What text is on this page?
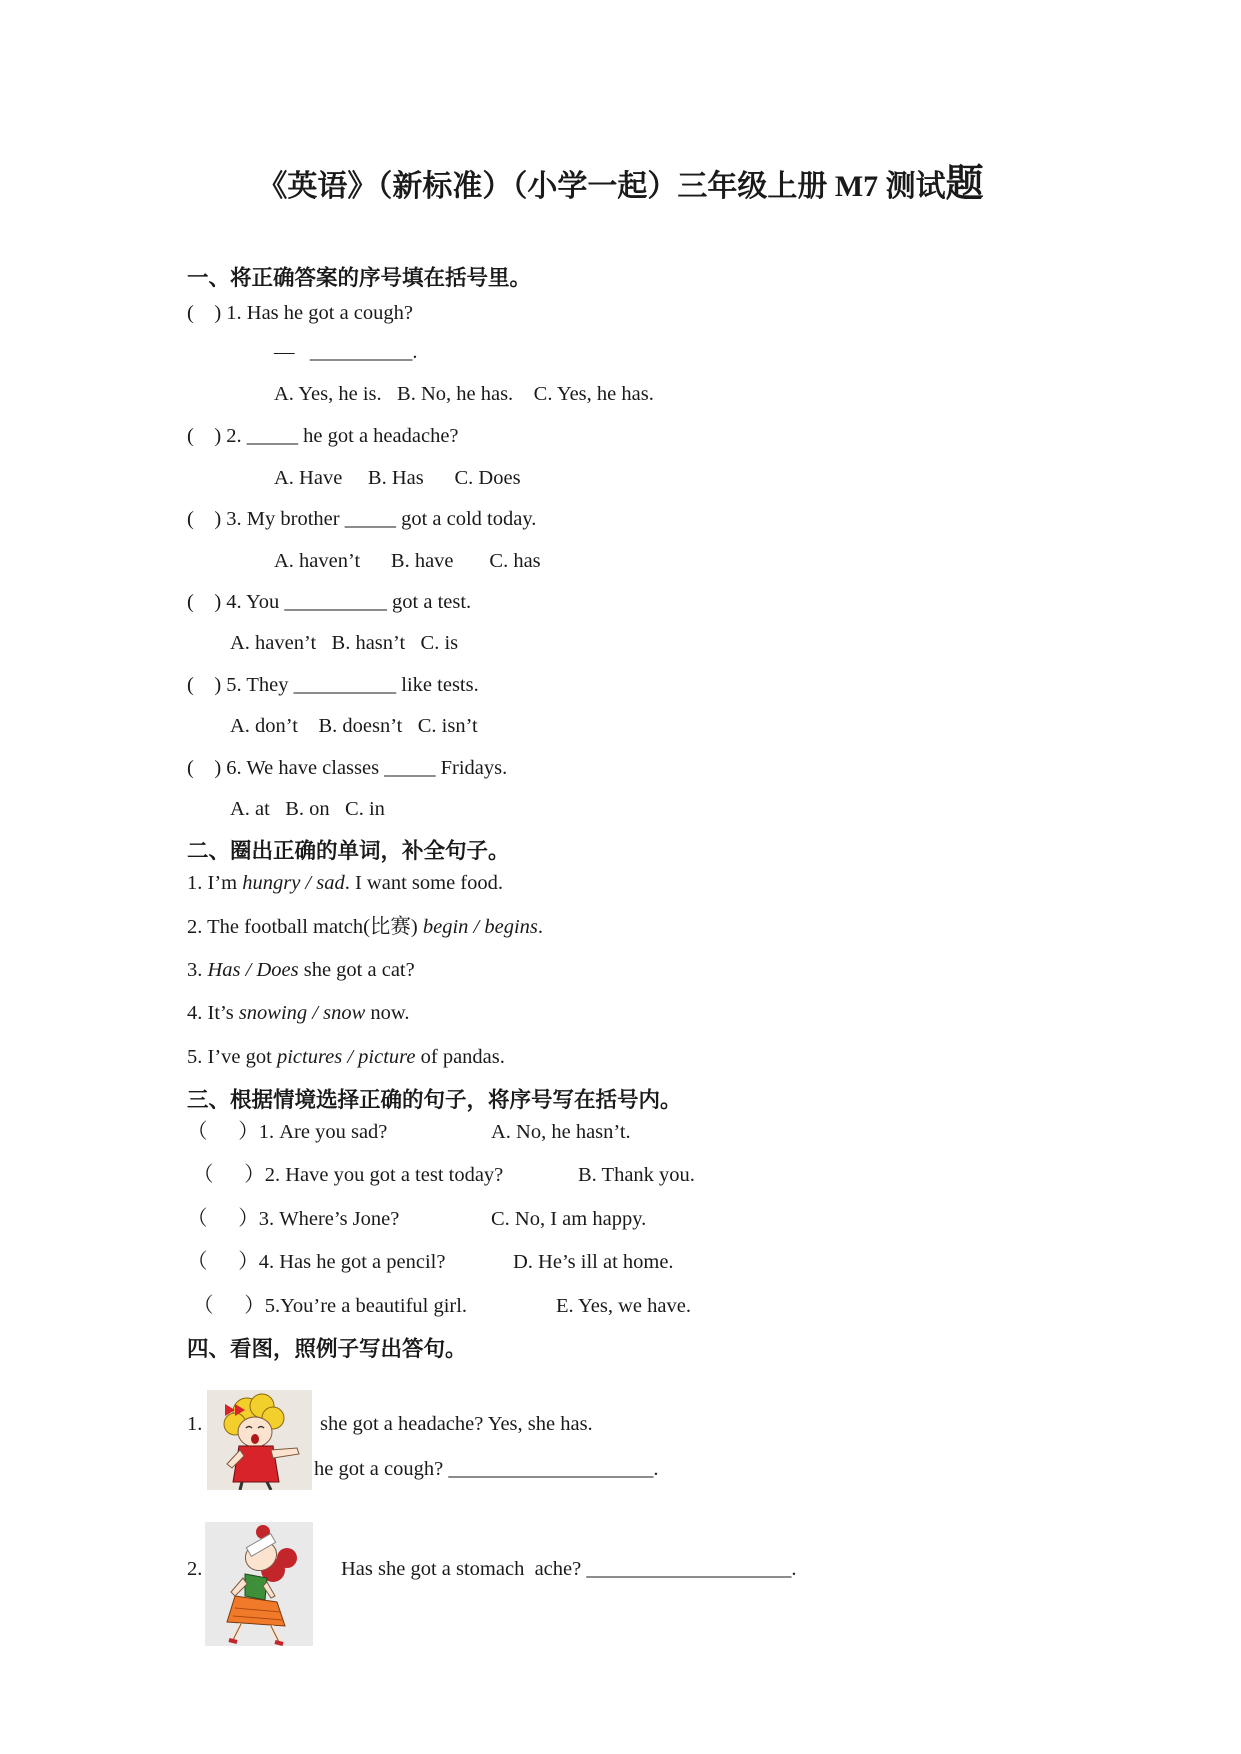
《英语》（新标准）（小学一起）三年级上册 M7 测试题
一、将正确答案的序号填在括号里。
(    ) 1. Has he got a cough?
—   __________.
A. Yes, he is.   B. No, he has.    C. Yes, he has.
(    ) 2. _____ he got a headache?
A. Have     B. Has      C. Does
(    ) 3. My brother _____ got a cold today.
A. haven’t      B. have       C. has
(    ) 4. You __________ got a test.
A. haven’t   B. hasn’t   C. is
(    ) 5. They __________ like tests.
A. don’t    B. doesn’t   C. isn’t
(    ) 6. We have classes _____ Fridays.
A. at   B. on   C. in
二、圈出正确的单词，补全句子。
1. I’m hungry / sad. I want some food.
2. The football match(比赛) begin / begins.
3. Has / Does she got a cat?
4. It’s snowing / snow now.
5. I’ve got pictures / picture of pandas.
三、根据情境选择正确的句子，将序号写在括号内。
（      ）1. Are you sad?	A. No, he hasn’t.
（      ）2. Have you got a test today?	B. Thank you.
（      ）3. Where’s Jone?	C. No, I am happy.
（      ）4. Has he got a pencil?	D. He’s ill at home.
（      ）5.You’re a beautiful girl.	E. Yes, we have.
四、看图，照例子写出答句。
1.	she got a headache? Yes, she has.
he got a cough? ____________________.
2.	Has she got a stomach  ache? ____________________.
